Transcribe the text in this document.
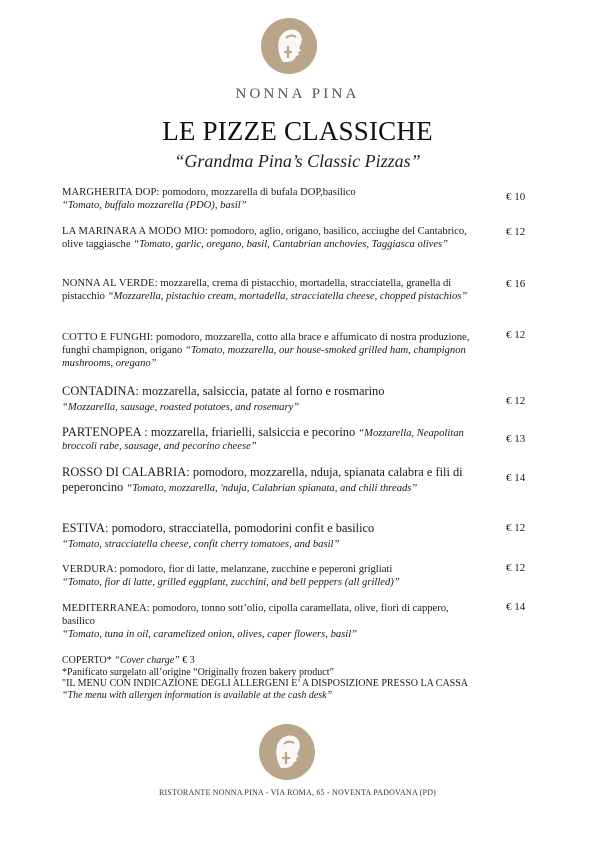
NONNA PINA
LE PIZZE CLASSICHE
“Grandma Pina’s Classic Pizzas”
MARGHERITA DOP: pomodoro, mozzarella di bufala DOP,basilico
“Tomato, buffalo mozzarella (PDO), basil”
€ 10
LA MARINARA A MODO MIO: pomodoro, aglio, origano, basilico, acciughe del Cantabrico, olive taggiasche “Tomato, garlic, oregano, basil, Cantabrian anchovies, Taggiasca olives”
€ 12
NONNA AL VERDE: mozzarella, crema di pistacchio, mortadella, stracciatella, granella di pistacchio “Mozzarella, pistachio cream, mortadella, stracciatella cheese, chopped pistachios”
€ 16
COTTO E FUNGHI: pomodoro, mozzarella, cotto alla brace e affumicato di nostra produzione, funghi champignon, origano “Tomato, mozzarella, our house-smoked grilled ham, champignon mushrooms, oregano”
€ 12
CONTADINA: mozzarella, salsiccia, patate al forno e rosmarino
“Mozzarella, sausage, roasted potatoes, and rosemary”	€ 12
PARTENOPEA : mozzarella, friarielli, salsiccia e pecorino “Mozzarella, Neapolitan broccoli rabe, sausage, and pecorino cheese”
€ 13
ROSSO DI CALABRIA: pomodoro, mozzarella, nduja, spianata calabra e fili di peperoncino “Tomato, mozzarella, 'nduja, Calabrian spianata, and chili threads”
€ 14
ESTIVA: pomodoro, stracciatella, pomodorini confit e basilico
“Tomato, stracciatella cheese, confit cherry tomatoes, and basil”
€ 12
VERDURA: pomodoro, fior di latte, melanzane, zucchine e peperoni grigliati
“Tomato, fior di latte, grilled eggplant, zucchini, and bell peppers (all grilled)”
€ 12
MEDITERRANEA: pomodoro, tonno sott’olio, cipolla caramellata, olive, fiori di cappero, basilico
“Tomato, tuna in oil, caramelized onion, olives, caper flowers, basil”
€ 14
COPERTO* “Cover charge” € 3
*Panificato surgelato all’origine “Originally frozen bakery product”
"IL MENU CON INDICAZIONE DEGLI ALLERGENI E’ A DISPOSIZIONE PRESSO LA CASSA “The menu with allergen information is available at the cash desk”
RISTORANTE NONNA PINA - VIA ROMA, 65 - NOVENTA PADOVANA (PD)
